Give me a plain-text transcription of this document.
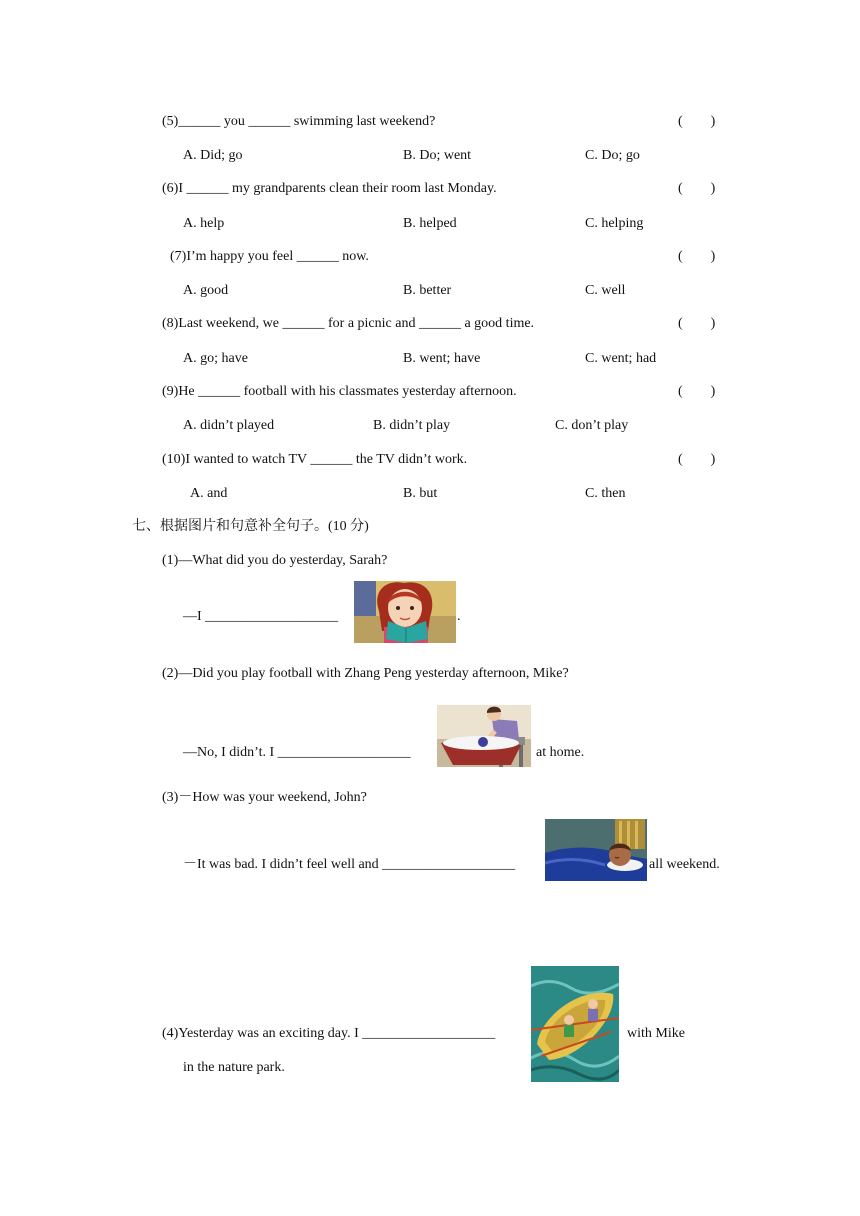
(5)______ you ______ swimming last weekend?	(        )
A. Did; go	B. Do; went	C. Do; go
(6)I ______ my grandparents clean their room last Monday.	(        )
A. help	B. helped	C. helping
(7)I’m happy you feel ______ now.	(        )
A. good	B. better	C. well
(8)Last weekend, we ______ for a picnic and ______ a good time.	(        )
A. go; have	B. went; have	C. went; had
(9)He ______ football with his classmates yesterday afternoon.	(        )
A. didn’t played	B. didn’t play	C. don’t play
(10)I wanted to watch TV ______ the TV didn’t work.	(        )
A. and	B. but	C. then
七、根据图片和句意补全句子。(10 分)
(1)—What did you do yesterday, Sarah?
—I ___________________	.
(2)—Did you play football with Zhang Peng yesterday afternoon, Mike?
—No, I didn’t. I ___________________	at home.
(3)－How was your weekend, John?
－It was bad. I didn’t feel well and ___________________	all weekend.
(4)Yesterday was an exciting day. I ___________________	with Mike
in the nature park.
